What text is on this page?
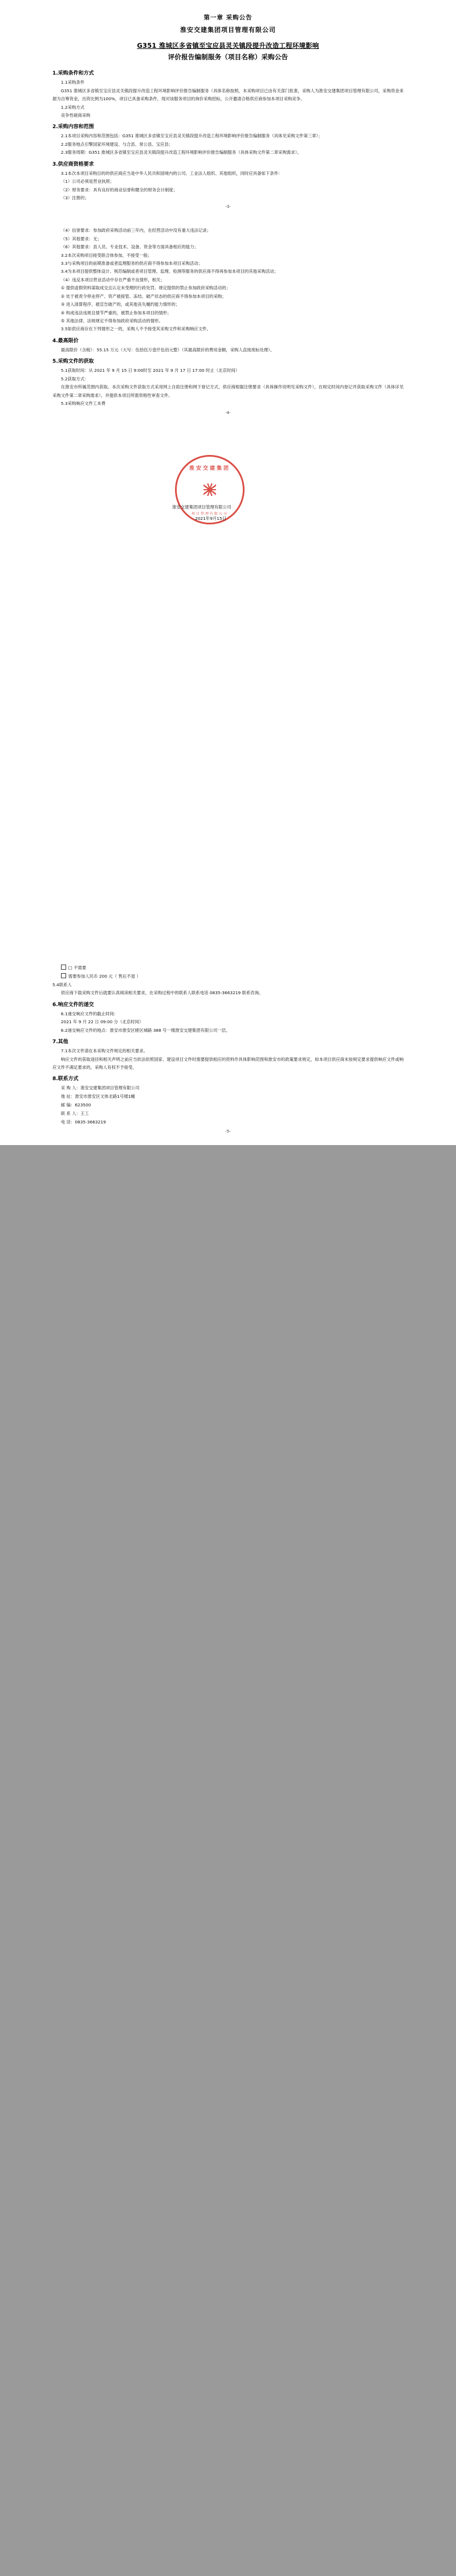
第一章 采购公告
淮安交建集团项目管理有限公司
G351 淮城区多省镇至宝应县灵关镇段提升改造工程环境影响
评价报告编制服务（项目名称）采购公告
1.采购条件和方式
1.1采购条件
G351 淮城区多省镇至宝应县灵关镇段提升改造工程环境影响评价报告编制服务（具体名称按照，本采购项目已由有关部门批准，采购人为淮安交建集团项目管理有限公司，采购资金来源为自筹资金，出资比例为100%，项目已具备采购条件，现对该服务项目的询价采购招标，公开邀请合格供应商参加本项目采购竞争。
1.2采购方式
竞争性磋商采购
2.采购内容和范围
2.1本项目采购内容和范围包括：G351 淮城区多省镇至宝应县灵关镇段提升改造工程环境影响评价报告编制服务（具体见采购文件第三章）；
2.2服务地点引擎国家环境建设、与合县、常公县、宝应县；
2.3服务周期：G351 淮城区多省镇至宝应县灵关镇段提升改造工程环境影响评价报告编制服务（具体采购文件第二章采购需求）。
3.供应商资格要求
3.1本次本项目采购目的的供应商应当是中华人民共和国境内的公司、工业法人组织、其他组织，同时应具备如下条件：
（1）公司必须是营业执照；
（2）财务要求：具有良好的商业信誉和健全的财务会计制度；
（3）注册的；
-3-
（4）信誉要求：参加政府采购活动前三年内，在经营活动中没有重大违法记录；
（5）其他要求：无；
（6）其他要求：县人员、专业技术、设备、资金等方面具备相应的能力；
3.2本次采购项目接受联合体参加，不接受一般；
3.3与采购项目的前期准备或者监理服务的供应商不得参加本项目采购活动；
3.4为本项目提供整体设计、规范编制或者项目管理、监理、检测等服务的供应商不得再参加本项目的其他采购活动；
（4）违反本项目营业活动中存在严重不良情形，相关；
① 提供虚假资料谋取成交且认定未受理的行政处罚、规定提供的禁止参加政府采购活动的；
② 处于被责令停业停产、资产被接管、冻结、破产状态的供应商不得参加本项目的采购；
③ 进入清算程序、被宣告破产的，或其他丧失履约能力情形的；
④ 构成违法违规且情节严重的，被禁止参加本项目的情形；
⑤ 其他法律、法规规定不得参加政府采购活动的情形。
3.5如供应商存在下列情形之一的，采购人不予接受其采购文件和采购响应文件。
4.最高限价
最高限价（含税）：55.15 万元（大写：伍拾伍万壹仟伍佰元整）（其最高限价的费用金额，采购人直接废标处理）。
5.采购文件的获取
5.1获取时间：从 2021 年 9 月 15 日 9:00时至 2021 年 9 月 17 日 17:00 时止（北京时间）
5.2获取方式：
在淮安市所属范围内获取。本次采购文件获取方式采用网上自助注册和网下登记方式，供应商根据注册要求（具体操作说明见采购文件），在规定时间内登记并获取采购文件（具体详见采购文件第二章采购需求），并提供本项目所需资格性审查文件。
5.3采购响应文件工本费
-4-
淮安交建集团
项目管理有限公司
淮安交建集团项目管理有限公司
2021年9月15日
□ 不需要
需要参加人民币 200 元（ 售后不退 ）
5.4联系人
供应商下载采购文件后就要认真阅读相关要求，在采购过程中的联系人联系电话 0835-3663219 联系咨询。
6.响应文件的递交
6.1递交响应文件的截止时间：
2021 年 9 月 22 日 09:00 分（北京时间）
6.2递交响应文件的地点：淮安市淮安区辖区城路 388 号一楼淮安交建集团有限公司一层。
7.其他
7.1本次文件请在本采购文件规定的相关要求。
响应文件的获取途径和相关声明之前应当依法依照国家、建设项目文件时需要提供相应的资料作具体影响范围和淮安市的政策要求规定，如本项目供应商未按规定要求提供响应文件或响应文件不满足要求的，采购人有权不予接受。
8.联系方式
采 购 人：淮安交建集团项目管理有限公司
地 址：淮安市淮安区文体北路1号楼1幢
邮 编：623500
联 系 人：王工
电 话：0835-3663219
-5-
